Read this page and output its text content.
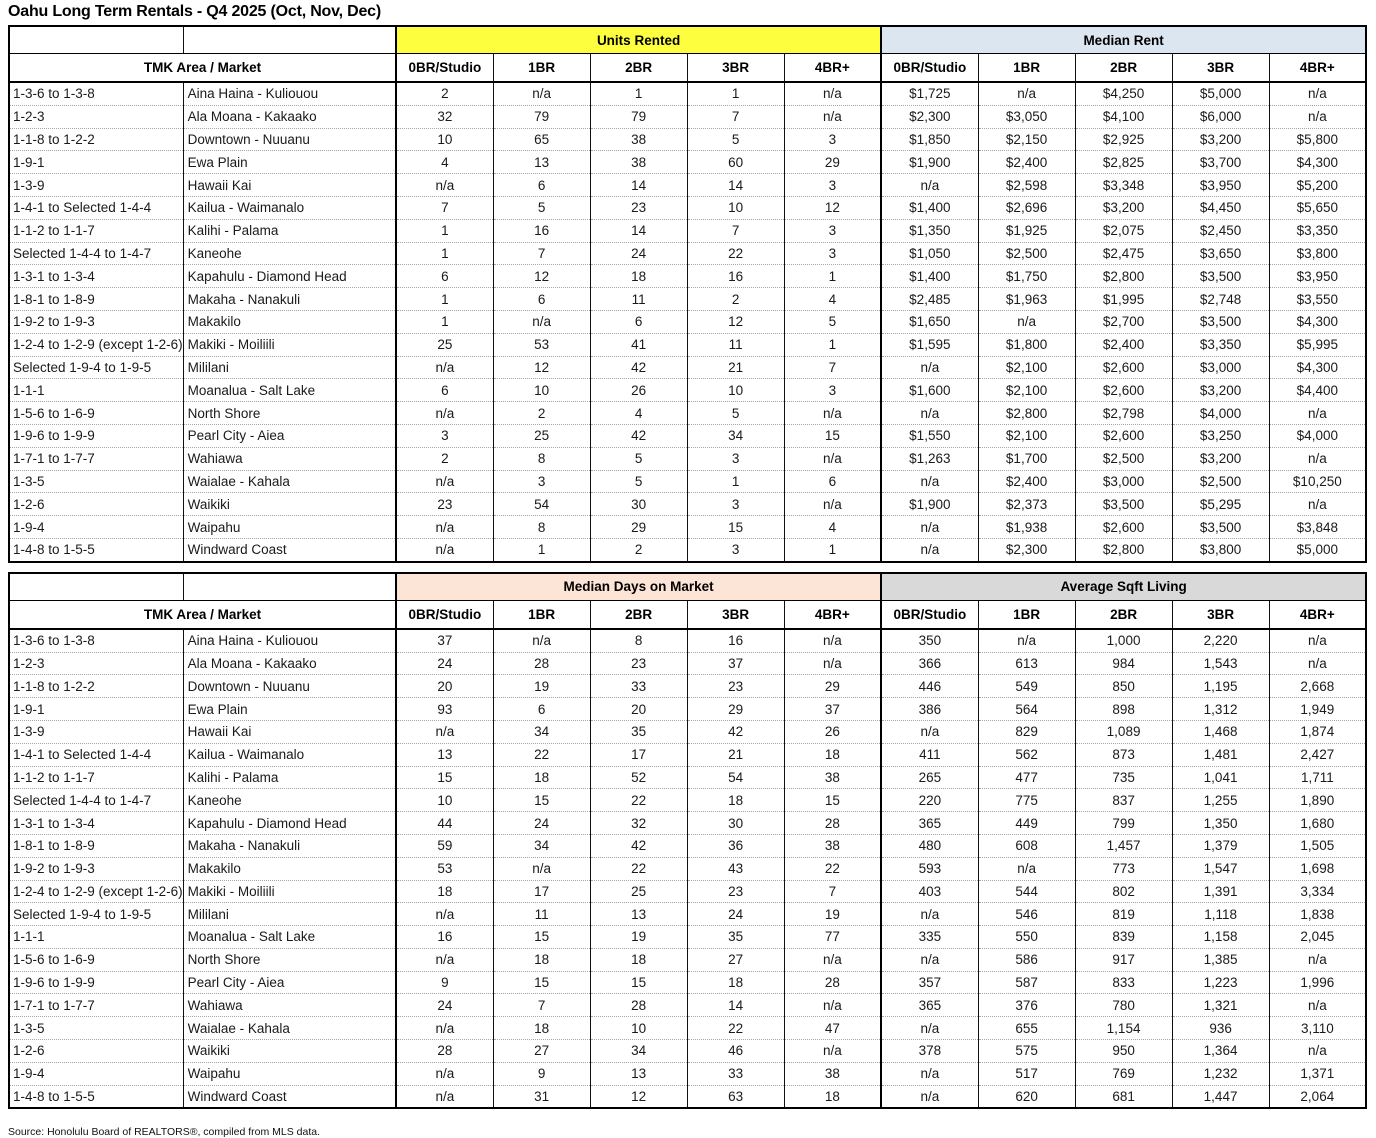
Oahu Long Term Rentals - Q4 2025 (Oct, Nov, Dec)
		Units Rented					Median Rent				
TMK Area / Market		0BR/Studio	1BR	2BR	3BR	4BR+	0BR/Studio	1BR	2BR	3BR	4BR+
1-3-6 to 1-3-8	Aina Haina - Kuliouou	2	n/a	1	1	n/a	$1,725	n/a	$4,250	$5,000	n/a
1-2-3	Ala Moana - Kakaako	32	79	79	7	n/a	$2,300	$3,050	$4,100	$6,000	n/a
1-1-8 to 1-2-2	Downtown - Nuuanu	10	65	38	5	3	$1,850	$2,150	$2,925	$3,200	$5,800
1-9-1	Ewa Plain	4	13	38	60	29	$1,900	$2,400	$2,825	$3,700	$4,300
1-3-9	Hawaii Kai	n/a	6	14	14	3	n/a	$2,598	$3,348	$3,950	$5,200
1-4-1 to Selected 1-4-4	Kailua - Waimanalo	7	5	23	10	12	$1,400	$2,696	$3,200	$4,450	$5,650
1-1-2 to 1-1-7	Kalihi - Palama	1	16	14	7	3	$1,350	$1,925	$2,075	$2,450	$3,350
Selected 1-4-4 to 1-4-7	Kaneohe	1	7	24	22	3	$1,050	$2,500	$2,475	$3,650	$3,800
1-3-1 to 1-3-4	Kapahulu - Diamond Head	6	12	18	16	1	$1,400	$1,750	$2,800	$3,500	$3,950
1-8-1 to 1-8-9	Makaha - Nanakuli	1	6	11	2	4	$2,485	$1,963	$1,995	$2,748	$3,550
1-9-2 to 1-9-3	Makakilo	1	n/a	6	12	5	$1,650	n/a	$2,700	$3,500	$4,300
1-2-4 to 1-2-9 (except 1-2-6)	Makiki - Moiliili	25	53	41	11	1	$1,595	$1,800	$2,400	$3,350	$5,995
Selected 1-9-4 to 1-9-5	Mililani	n/a	12	42	21	7	n/a	$2,100	$2,600	$3,000	$4,300
1-1-1	Moanalua - Salt Lake	6	10	26	10	3	$1,600	$2,100	$2,600	$3,200	$4,400
1-5-6 to 1-6-9	North Shore	n/a	2	4	5	n/a	n/a	$2,800	$2,798	$4,000	n/a
1-9-6 to 1-9-9	Pearl City - Aiea	3	25	42	34	15	$1,550	$2,100	$2,600	$3,250	$4,000
1-7-1 to 1-7-7	Wahiawa	2	8	5	3	n/a	$1,263	$1,700	$2,500	$3,200	n/a
1-3-5	Waialae - Kahala	n/a	3	5	1	6	n/a	$2,400	$3,000	$2,500	$10,250
1-2-6	Waikiki	23	54	30	3	n/a	$1,900	$2,373	$3,500	$5,295	n/a
1-9-4	Waipahu	n/a	8	29	15	4	n/a	$1,938	$2,600	$3,500	$3,848
1-4-8 to 1-5-5	Windward Coast	n/a	1	2	3	1	n/a	$2,300	$2,800	$3,800	$5,000
		Median Days on Market					Average Sqft Living				
TMK Area / Market		0BR/Studio	1BR	2BR	3BR	4BR+	0BR/Studio	1BR	2BR	3BR	4BR+
1-3-6 to 1-3-8	Aina Haina - Kuliouou	37	n/a	8	16	n/a	350	n/a	1,000	2,220	n/a
1-2-3	Ala Moana - Kakaako	24	28	23	37	n/a	366	613	984	1,543	n/a
1-1-8 to 1-2-2	Downtown - Nuuanu	20	19	33	23	29	446	549	850	1,195	2,668
1-9-1	Ewa Plain	93	6	20	29	37	386	564	898	1,312	1,949
1-3-9	Hawaii Kai	n/a	34	35	42	26	n/a	829	1,089	1,468	1,874
1-4-1 to Selected 1-4-4	Kailua - Waimanalo	13	22	17	21	18	411	562	873	1,481	2,427
1-1-2 to 1-1-7	Kalihi - Palama	15	18	52	54	38	265	477	735	1,041	1,711
Selected 1-4-4 to 1-4-7	Kaneohe	10	15	22	18	15	220	775	837	1,255	1,890
1-3-1 to 1-3-4	Kapahulu - Diamond Head	44	24	32	30	28	365	449	799	1,350	1,680
1-8-1 to 1-8-9	Makaha - Nanakuli	59	34	42	36	38	480	608	1,457	1,379	1,505
1-9-2 to 1-9-3	Makakilo	53	n/a	22	43	22	593	n/a	773	1,547	1,698
1-2-4 to 1-2-9 (except 1-2-6)	Makiki - Moiliili	18	17	25	23	7	403	544	802	1,391	3,334
Selected 1-9-4 to 1-9-5	Mililani	n/a	11	13	24	19	n/a	546	819	1,118	1,838
1-1-1	Moanalua - Salt Lake	16	15	19	35	77	335	550	839	1,158	2,045
1-5-6 to 1-6-9	North Shore	n/a	18	18	27	n/a	n/a	586	917	1,385	n/a
1-9-6 to 1-9-9	Pearl City - Aiea	9	15	15	18	28	357	587	833	1,223	1,996
1-7-1 to 1-7-7	Wahiawa	24	7	28	14	n/a	365	376	780	1,321	n/a
1-3-5	Waialae - Kahala	n/a	18	10	22	47	n/a	655	1,154	936	3,110
1-2-6	Waikiki	28	27	34	46	n/a	378	575	950	1,364	n/a
1-9-4	Waipahu	n/a	9	13	33	38	n/a	517	769	1,232	1,371
1-4-8 to 1-5-5	Windward Coast	n/a	31	12	63	18	n/a	620	681	1,447	2,064
Source: Honolulu Board of REALTORS®, compiled from MLS data.
